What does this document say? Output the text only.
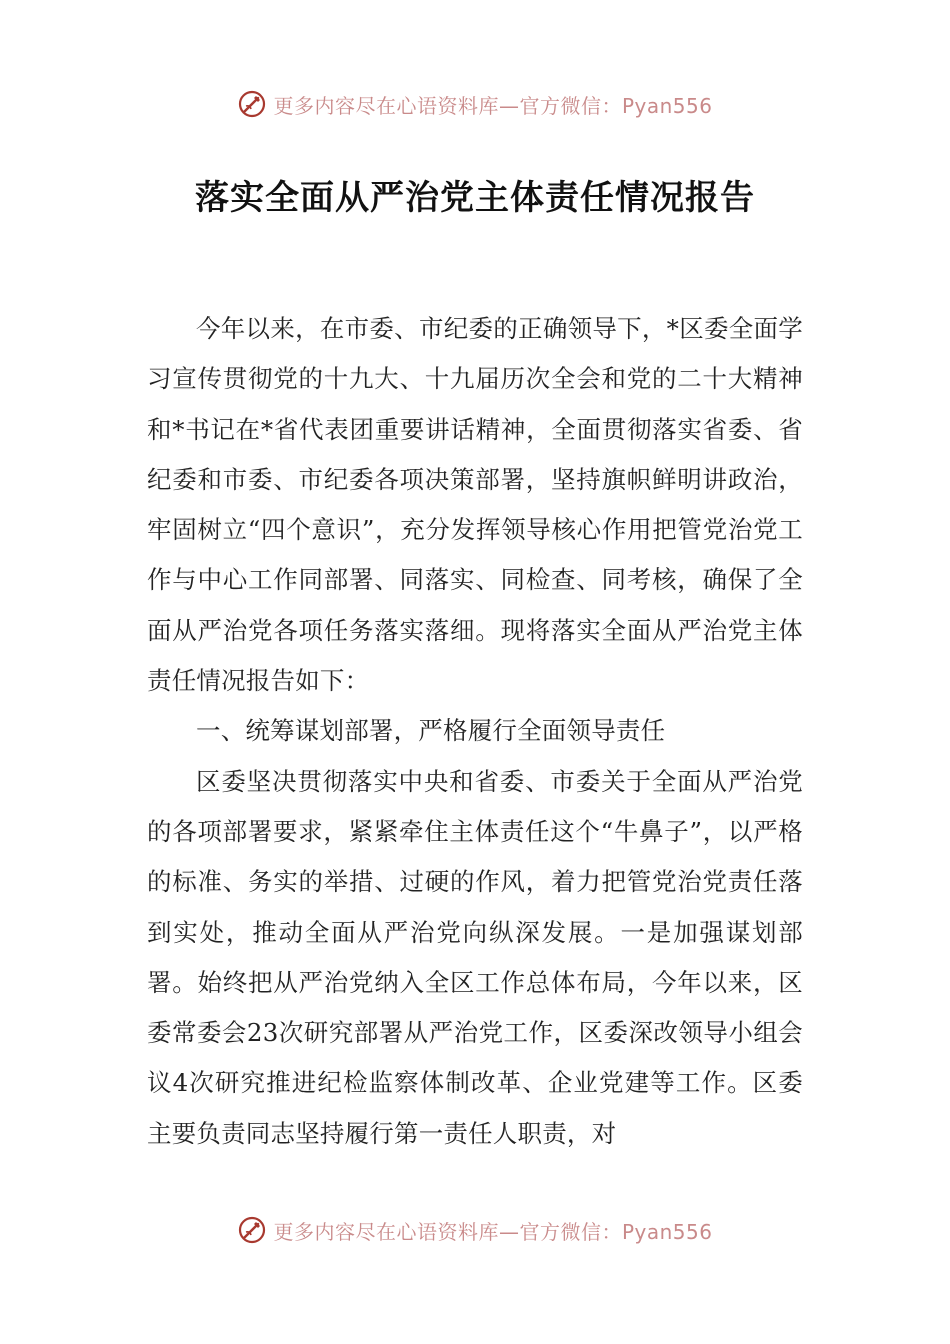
更多内容尽在心语资料库—官方微信：Pyan556
落实全面从严治党主体责任情况报告

今年以来，在市委、市纪委的正确领导下，*区委全面学习宣传贯彻党的十九大、十九届历次全会和党的二十大精神和*书记在*省代表团重要讲话精神，全面贯彻落实省委、省纪委和市委、市纪委各项决策部署，坚持旗帜鲜明讲政治，牢固树立“四个意识”，充分发挥领导核心作用把管党治党工作与中心工作同部署、同落实、同检查、同考核，确保了全面从严治党各项任务落实落细。现将落实全面从严治党主体责任情况报告如下：

一、统筹谋划部署，严格履行全面领导责任

区委坚决贯彻落实中央和省委、市委关于全面从严治党的各项部署要求，紧紧牵住主体责任这个“牛鼻子”，以严格的标准、务实的举措、过硬的作风，着力把管党治党责任落到实处，推动全面从严治党向纵深发展。一是加强谋划部署。始终把从严治党纳入全区工作总体布局，今年以来，区委常委会23次研究部署从严治党工作，区委深改领导小组会议4次研究推进纪检监察体制改革、企业党建等工作。区委主要负责同志坚持履行第一责任人职责，对

更多内容尽在心语资料库—官方微信：Pyan556
